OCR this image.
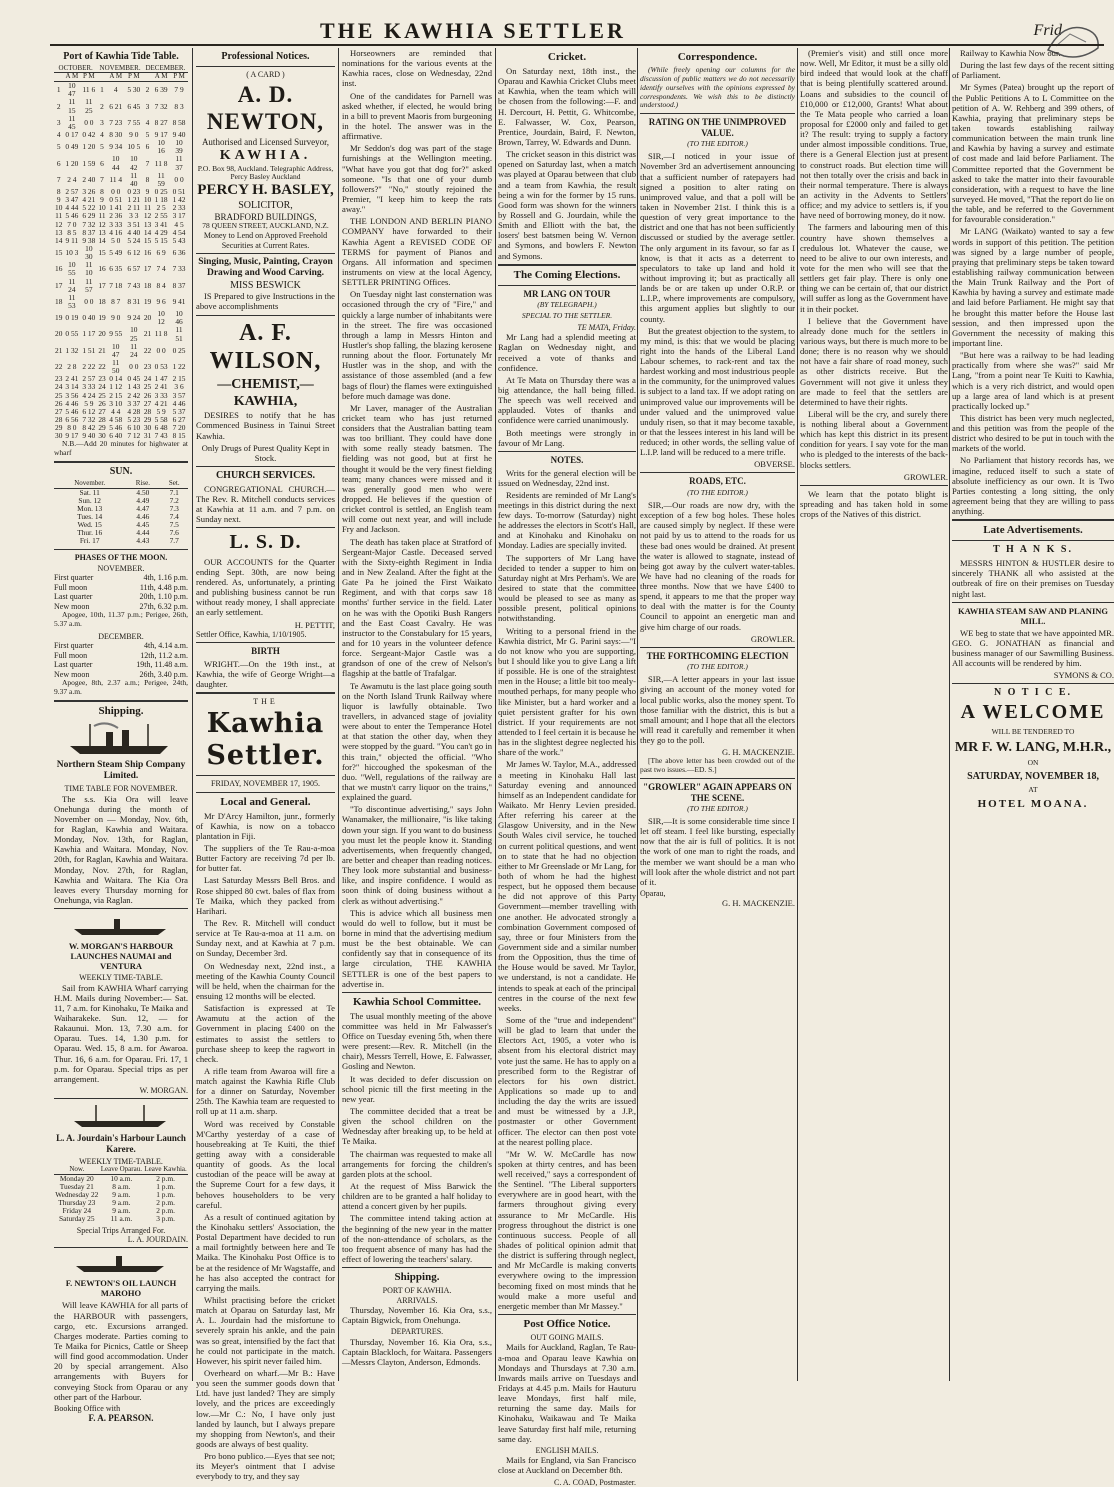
THE KAWHIA SETTLER	Frid
Port of Kawhia Tide Table.
OCTOBER.			NOVEMBER.			DECEMBER.		
	A M	P M		A M	P M		A M	P M
1	10 47	11 6	1	4	5 30	2	6 39	7 9
2	11 15	11 25	2	6 21	6 45	3	7 32	8 3
3	11 45	0 0	3	7 23	7 55	4	8 27	8 58
4	0 17	0 42	4	8 30	9 0	5	9 17	9 40
5	0 49	1 20	5	9 34	10 5	6	10 16	10 39
6	1 20	1 59	6	10 44	10 42	7	11 8	11 37
7	2 4	2 40	7	11 4	11 40	8	11 59	0 0
8	2 57	3 26	8	0 0	0 23	9	0 25	0 51
9	3 47	4 21	9	0 51	1 21	10	1 18	1 42
10	4 44	5 22	10	1 41	2 11	11	2 5	2 33
11	5 46	6 29	11	2 36	3 3	12	2 55	3 17
12	7 0	7 32	12	3 33	3 51	13	3 41	4 5
13	8 5	8 37	13	4 16	4 40	14	4 29	4 54
14	9 11	9 38	14	5 0	5 24	15	5 15	5 43
15	10 3	10 30	15	5 49	6 12	16	6 9	6 36
16	10 55	11 10	16	6 35	6 57	17	7 4	7 33
17	11 24	11 57	17	7 18	7 43	18	8 4	8 37
18	11 53	0 0	18	8 7	8 31	19	9 6	9 41
19	0 19	0 40	19	9 0	9 24	20	10 12	10 46
20	0 55	1 17	20	9 55	10 25	21	11 8	11 51
21	1 32	1 51	21	10 47	11 24	22	0 0	0 25
22	2 8	2 22	22	11 50	0 0	23	0 53	1 22
23	2 41	2 57	23	0 14	0 45	24	1 47	2 15
24	3 14	3 33	24	1 12	1 43	25	2 41	3 6
25	3 56	4 24	25	2 15	2 42	26	3 33	3 57
26	4 46	5 9	26	3 10	3 37	27	4 21	4 46
27	5 46	6 12	27	4 4	4 28	28	5 9	5 37
28	6 56	7 32	28	4 58	5 23	29	5 58	6 27
29	8 0	8 42	29	5 46	6 10	30	6 48	7 20
30	9 17	9 40	30	6 40	7 12	31	7 43	8 15

N.B.—Add 20 minutes for highwater at wharf

SUN.
November.	Rise.	Set.
Sat. 11	4.50	7.1
Sun. 12	4.49	7.2
Mon. 13	4.47	7.3
Tues. 14	4.46	7.4
Wed. 15	4.45	7.5
Thur. 16	4.44	7.6
Fri. 17	4.43	7.7
PHASES OF THE MOON.
NOVEMBER.
First quarter	4th, 1.16 p.m.
Full moon	11th, 4.48 p.m.
Last quarter	20th, 1.10 p.m.
New moon	27th, 6.32 p.m.

Apogee, 10th, 11.37 p.m.; Perigee, 26th, 5.37 a.m.

DECEMBER.
First quarter	4th, 4.14 a.m.
Full moon	12th, 11.2 a.m.
Last quarter	19th, 11.48 a.m.
New moon	26th, 3.40 p.m.

Apogee, 8th, 2.37 a.m.; Perigee, 24th, 9.37 a.m.

Shipping.
Northern Steam Ship Company Limited.
TIME TABLE FOR NOVEMBER.

The s.s. Kia Ora will leave Onehunga during the month of November on — Monday, Nov. 6th, for Raglan, Kawhia and Waitara. Monday, Nov. 13th, for Raglan, Kawhia and Waitara. Monday, Nov. 20th, for Raglan, Kawhia and Waitara. Monday, Nov. 27th, for Raglan, Kawhia and Waitara. The Kia Ora leaves every Thursday morning for Onehunga, via Raglan.

W. MORGAN'S HARBOUR LAUNCHES NAUMAI and VENTURA
WEEKLY TIME-TABLE.

Sail from KAWHIA Wharf carrying H.M. Mails during November:— Sat. 11, 7 a.m. for Kinohaku, Te Maika and Waiharakeke. Sun. 12, — for Rakaunui. Mon. 13, 7.30 a.m. for Oparau. Tues. 14, 1.30 p.m. for Oparau. Wed. 15, 8 a.m. for Awaroa. Thur. 16, 6 a.m. for Oparau. Fri. 17, 1 p.m. for Oparau. Special trips as per arrangement.

W. MORGAN.
L. A. Jourdain's Harbour Launch Karere.
WEEKLY TIME-TABLE.
Now.	Leave Oparau.	Leave Kawhia.
Monday 20	10 a.m.	2 p.m.
Tuesday 21	8 a.m.	1 p.m.
Wednesday 22	9 a.m.	1 p.m.
Thursday 23	9 a.m.	2 p.m.
Friday 24	9 a.m.	2 p.m.
Saturday 25	11 a.m.	3 p.m.
Special Trips Arranged For.
L. A. JOURDAIN.
F. NEWTON'S OIL LAUNCH MAROHO

Will leave KAWHIA for all parts of the HARBOUR with passengers, cargo, etc. Excursions arranged. Charges moderate. Parties coming to Te Maika for Picnics, Cattle or Sheep will find good accommodation. Under 20 by special arrangement. Also arrangements with Buyers for conveying Stock from Oparau or any other part of the Harbour.

Booking Office with
F. A. PEARSON.
Professional Notices.
( A CARD )
A. D. NEWTON,
Authorised and Licensed Surveyor,
KAWHIA.
P.O. Box 98, Auckland. Telegraphic Address, Percy Basley Auckland
PERCY H. BASLEY,
SOLICITOR,
BRADFORD BUILDINGS,
78 QUEEN STREET, AUCKLAND, N.Z.
Money to Lend on Approved Freehold Securities at Current Rates.
Singing, Music, Painting, Crayon Drawing and Wood Carving.
MISS BESWICK

IS Prepared to give Instructions in the above accomplishments

A. F. WILSON,
—CHEMIST,—
KAWHIA,

DESIRES to notify that he has Commenced Business in Tainui Street Kawhia.

Only Drugs of Purest Quality Kept in Stock.
CHURCH SERVICES.

CONGREGATIONAL CHURCH.—The Rev. R. Mitchell conducts services at Kawhia at 11 a.m. and 7 p.m. on Sunday next.

L. S. D.

OUR ACCOUNTS for the Quarter ending Sept. 30th, are now being rendered. As, unfortunately, a printing and publishing business cannot be run without ready money, I shall appreciate an early settlement.

H. PETTIT,
Settler Office, Kawhia, 1/10/1905.
BIRTH

WRIGHT.—On the 19th inst., at Kawhia, the wife of George Wright—a daughter.

THE
Kawhia Settler.
FRIDAY, NOVEMBER 17, 1905.
Local and General.

Mr D'Arcy Hamilton, junr., formerly of Kawhia, is now on a tobacco plantation in Fiji.

The suppliers of the Te Rau-a-moa Butter Factory are receiving 7d per lb. for butter fat.

Last Saturday Messrs Bell Bros. and Rose shipped 80 cwt. bales of flax from Te Maika, which they packed from Harihari.

The Rev. R. Mitchell will conduct service at Te Rau-a-moa at 11 a.m. on Sunday next, and at Kawhia at 7 p.m. on Sunday, December 3rd.

On Wednesday next, 22nd inst., a meeting of the Kawhia County Council will be held, when the chairman for the ensuing 12 months will be elected.

Satisfaction is expressed at Te Awamutu at the action of the Government in placing £400 on the estimates to assist the settlers to purchase sheep to keep the ragwort in check.

A rifle team from Awaroa will fire a match against the Kawhia Rifle Club for a dinner on Saturday, November 25th. The Kawhia team are requested to roll up at 11 a.m. sharp.

Word was received by Constable M'Carthy yesterday of a case of housebreaking at Te Kuiti, the thief getting away with a considerable quantity of goods. As the local custodian of the peace will be away at the Supreme Court for a few days, it behoves householders to be very careful.

As a result of continued agitation by the Kinohaku settlers' Association, the Postal Department have decided to run a mail fortnightly between here and Te Maika. The Kinohaku Post Office is to be at the residence of Mr Wagstaffe, and he has also accepted the contract for carrying the mails.

Whilst practising before the cricket match at Oparau on Saturday last, Mr A. L. Jourdain had the misfortune to severely sprain his ankle, and the pain was so great, intensified by the fact that he could not participate in the match. However, his spirit never failed him.

Overheard on wharf.—Mr B.: Have you seen the summer goods down that Ltd. have just landed? They are simply lovely, and the prices are exceedingly low.—Mr C.: No, I have only just landed by launch, but I always prepare my shopping from Newton's, and their goods are always of best quality.

Pro bono publico.—Eyes that see not; its Meyer's ointment that I advise everybody to try, and they say

Horseowners are reminded that nominations for the various events at the Kawhia races, close on Wednesday, 22nd inst.

One of the candidates for Parnell was asked whether, if elected, he would bring in a bill to prevent Maoris from burgeoning in the hotel. The answer was in the affirmative.

Mr Seddon's dog was part of the stage furnishings at the Wellington meeting. "What have you got that dog for?" asked someone. "Is that one of your dumb followers?" "No," stoutly rejoined the Premier, "I keep him to keep the rats away."

THE LONDON AND BERLIN PIANO COMPANY have forwarded to their Kawhia Agent a REVISED CODE OF TERMS for payment of Pianos and Organs. All information and specimen instruments on view at the local Agency, SETTLER PRINTING Offices.

On Tuesday night last consternation was occasioned through the cry of "Fire," and quickly a large number of inhabitants were in the street. The fire was occasioned through a lamp in Messrs Hinton and Hustler's shop falling, the blazing kerosene running about the floor. Fortunately Mr Hustler was in the shop, and with the assistance of those assembled (and a few bags of flour) the flames were extinguished before much damage was done.

Mr Laver, manager of the Australian cricket team who has just returned considers that the Australian batting team was too brilliant. They could have done with some really steady batsmen. The fielding was not good, but at first he thought it would be the very finest fielding team; many chances were missed and it was generally good men who were dropped. He believes if the question of cricket control is settled, an English team will come out next year, and will include Fry and Jackson.

The death has taken place at Stratford of Sergeant-Major Castle. Deceased served with the Sixty-eighth Regiment in India and in New Zealand. After the fight at the Gate Pa he joined the First Waikato Regiment, and with that corps saw 18 months' further service in the field. Later on he was with the Opotiki Bush Rangers and the East Coast Cavalry. He was instructor to the Constabulary for 15 years, and for 10 years in the volunteer defence force. Sergeant-Major Castle was a grandson of one of the crew of Nelson's flagship at the battle of Trafalgar.

Te Awamutu is the last place going south on the North Island Trunk Railway where liquor is lawfully obtainable. Two travellers, in advanced stage of joviality were about to enter the Temperance Hotel at that station the other day, when they were stopped by the guard. "You can't go in this train," objected the official. "Who for?" hiccoughed the spokesman of the duo. "Well, regulations of the railway are that we mustn't carry liquor on the trains," explained the guard.

"To discontinue advertising," says John Wanamaker, the millionaire, "is like taking down your sign. If you want to do business you must let the people know it. Standing advertisements, when frequently changed, are better and cheaper than reading notices. They look more substantial and business-like, and inspire confidence. I would as soon think of doing business without a clerk as without advertising."

This is advice which all business men would do well to follow, but it must be borne in mind that the advertising medium must be the best obtainable. We can confidently say that in consequence of its large circulation, THE KAWHIA SETTLER is one of the best papers to advertise in.

Kawhia School Committee.

The usual monthly meeting of the above committee was held in Mr Falwasser's Office on Tuesday evening 5th, when there were present:—Rev. R. Mitchell (in the chair), Messrs Terrell, Howe, E. Falwasser, Gosling and Newton.

It was decided to defer discussion on school picnic till the first meeting in the new year.

The committee decided that a treat be given the school children on the Wednesday after breaking up, to be held at Te Maika.

The chairman was requested to make all arrangements for forcing the children's garden plots at the school.

At the request of Miss Barwick the children are to be granted a half holiday to attend a concert given by her pupils.

The committee intend taking action at the beginning of the new year in the matter of the non-attendance of scholars, as the too frequent absence of many has had the effect of lowering the teachers' salary.

Shipping.
PORT OF KAWHIA.
ARRIVALS.

Thursday, November 16. Kia Ora, s.s., Captain Bigwick, from Onehunga.

DEPARTURES.

Thursday, November 16. Kia Ora, s.s., Captain Blackloch, for Waitara. Passengers—Messrs Clayton, Anderson, Edmonds.

Cricket.

On Saturday next, 18th inst., the Oparau and Kawhia Cricket Clubs meet at Kawhia, when the team which will be chosen from the following:—F. and H. Dercourt, H. Pettit, G. Whitcombe, E. Falwasser, W. Cox, Pearson, Prentice, Jourdain, Baird, F. Newton, Brown, Tarrey, W. Edwards and Dunn.

The cricket season in this district was opened on Saturday last, when a match was played at Oparau between that club and a team from Kawhia, the result being a win for the former by 15 runs. Good form was shown for the winners by Rossell and G. Jourdain, while the Smith and Elliott with the bat, the losers' best batsmen being W. Vernon and Symons, and bowlers F. Newton and Symons.

The Coming Elections.
MR LANG ON TOUR
(BY TELEGRAPH.)
SPECIAL TO THE SETTLER.
TE MATA, Friday.

Mr Lang had a splendid meeting at Raglan on Wednesday night, and received a vote of thanks and confidence.

At Te Mata on Thursday there was a big attendance, the hall being filled. The speech was well received and applauded. Votes of thanks and confidence were carried unanimously.

Both meetings were strongly in favour of Mr Lang.

NOTES.

Writs for the general election will be issued on Wednesday, 22nd inst.

Residents are reminded of Mr Lang's meetings in this district during the next few days. To-morrow (Saturday) night he addresses the electors in Scott's Hall, and at Kinohaku and Kinohaku on Monday. Ladies are specially invited.

The supporters of Mr Lang have decided to tender a supper to him on Saturday night at Mrs Perham's. We are desired to state that the committee would be pleased to see as many as possible present, political opinions notwithstanding.

Writing to a personal friend in the Kawhia district, Mr G. Parini says:—"I do not know who you are supporting, but I should like you to give Lang a lift if possible. He is one of the straightest men in the House; a little bit too mealy-mouthed perhaps, for many people who like Minister, but a hard worker and a quiet persistent grafter for his own district. If your requirements are not attended to I feel certain it is because he has in the slightest degree neglected his share of the work."

Mr James W. Taylor, M.A., addressed a meeting in Kinohaku Hall last Saturday evening and announced himself as an Independent candidate for Waikato. Mr Henry Levien presided. After referring his career at the Glasgow University, and in the New South Wales civil service, he touched on current political questions, and went on to state that he had no objection either to Mr Greenslade or Mr Lang, for both of whom he had the highest respect, but he opposed them because he did not approve of this Party Government—member travelling with one another. He advocated strongly a combination Government composed of say, three or four Ministers from the Government side and a similar number from the Opposition, thus the time of the House would be saved. Mr Taylor, we understand, is not a candidate. He intends to speak at each of the principal centres in the course of the next few weeks.

Some of the "true and independent" will be glad to learn that under the Electors Act, 1905, a voter who is absent from his electoral district may vote just the same. He has to apply on a prescribed form to the Registrar of electors for his own district. Applications so made up to and including the day the writs are issued and must be witnessed by a J.P., postmaster or other Government officer. The elector can then post vote at the nearest polling place.

"Mr W. W. McCardle has now spoken at thirty centres, and has been well received," says a correspondent of the Sentinel. "The Liberal supporters everywhere are in good heart, with the farmers throughout giving every assurance to Mr McCardle. His progress throughout the district is one continuous success. People of all shades of political opinion admit that the district is suffering through neglect, and Mr McCardle is making converts everywhere owing to the impression becoming fixed on most minds that he would make a more useful and energetic member than Mr Massey."

Post Office Notice.
OUT GOING MAILS.

Mails for Auckland, Raglan, Te Rau-a-moa and Oparau leave Kawhia on Mondays and Thursdays at 7.30 a.m. Inwards mails arrive on Tuesdays and Fridays at 4.45 p.m. Mails for Hauturu leave Mondays, first half mile, returning the same day. Mails for Kinohaku, Waikawau and Te Maika leave Saturday first half mile, returning same day.

ENGLISH MAILS.

Mails for England, via San Francisco close at Auckland on December 8th.

C. A. COAD, Postmaster.
Correspondence.

(While freely opening our columns for the discussion of public matters we do not necessarily identify ourselves with the opinions expressed by correspondents. We wish this to be distinctly understood.)

RATING ON THE UNIMPROVED VALUE.
(TO THE EDITOR.)

SIR,—I noticed in your issue of November 3rd an advertisement announcing that a sufficient number of ratepayers had signed a position to alter rating on unimproved value, and that a poll will be taken in November 21st. I think this is a question of very great importance to the district and one that has not been sufficiently discussed or studied by the average settler. The only argument in its favour, so far as I know, is that it acts as a deterrent to speculators to take up land and hold it without improving it; but as practically all lands be or are taken up under O.R.P. or L.I.P., where improvements are compulsory, this argument applies but slightly to our county.

But the greatest objection to the system, to my mind, is this: that we would be placing right into the hands of the Liberal Land Labour schemes, to rack-rent and tax the hardest working and most industrious people in the community, for the unimproved values is subject to a land tax. If we adopt rating on unimproved value our improvements will be under valued and the unimproved value unduly risen, so that it may become taxable, or that the lessees interest in his land will be reduced; in other words, the selling value of L.I.P. land will be reduced to a mere trifle.

OBVERSE.
ROADS, ETC.
(TO THE EDITOR.)

SIR,—Our roads are now dry, with the exception of a few bog holes. These holes are caused simply by neglect. If these were not paid by us to attend to the roads for us these bad ones would be drained. At present the water is allowed to stagnate, instead of being got away by the culvert water-tables. We have had no cleaning of the roads for three months. Now that we have £400 to spend, it appears to me that the proper way to deal with the matter is for the County Council to appoint an energetic man and give him charge of our roads.

GROWLER.
THE FORTHCOMING ELECTION
(TO THE EDITOR.)

SIR,—A letter appears in your last issue giving an account of the money voted for local public works, also the money spent. To those familiar with the district, this is but a small amount; and I hope that all the electors will read it carefully and remember it when they go to the poll.

G. H. MACKENZIE.

[The above letter has been crowded out of the past two issues.—ED. S.]

"GROWLER" AGAIN APPEARS ON THE SCENE.
(TO THE EDITOR.)

SIR,—It is some considerable time since I let off steam. I feel like bursting, especially now that the air is full of politics. It is not the work of one man to right the roads, and the member we want should be a man who will look after the whole district and not part of it.

Oparau,
G. H. MACKENZIE.

(Premier's visit) and still once more now. Well, Mr Editor, it must be a silly old bird indeed that would look at the chaff that is being plentifully scattered around. Loans and subsidies to the council of £10,000 or £12,000, Grants! What about the Te Mata people who carried a loan proposal for £2000 only and failed to get it? The result: trying to supply a factory under almost impossible conditions. True, there is a General Election just at present to construct roads. But election time will not then totally over the crisis and back in their normal temperature. There is always an activity in the Advents to Settlers' office; and my advice to settlers is, if you have need of borrowing money, do it now.

The farmers and labouring men of this country have shown themselves a credulous lot. Whatever the cause, we need to be alive to our own interests, and vote for the men who will see that the settlers get fair play. There is only one thing we can be certain of, that our district will suffer as long as the Government have it in their pocket.

I believe that the Government have already done much for the settlers in various ways, but there is much more to be done; there is no reason why we should not have a fair share of road money, such as other districts receive. But the Government will not give it unless they are made to feel that the settlers are determined to have their rights.

Liberal will be the cry, and surely there is nothing liberal about a Government which has kept this district in its present condition for years. I say vote for the man who is pledged to the interests of the back-blocks settlers.

GROWLER.

We learn that the potato blight is spreading and has taken hold in some crops of the Natives of this district.

Railway to Kawhia Now our.

During the last few days of the recent sitting of Parliament.

Mr Symes (Patea) brought up the report of the Public Petitions A to L Committee on the petition of A. W. Rehberg and 399 others, of Kawhia, praying that preliminary steps be taken towards establishing railway communication between the main trunk line and Kawhia by having a survey and estimate of cost made and laid before Parliament. The Committee reported that the Government be asked to take the matter into their favourable consideration, with a request to have the line surveyed. He moved, "That the report do lie on the table, and be referred to the Government for favourable consideration."

Mr LANG (Waikato) wanted to say a few words in support of this petition. The petition was signed by a large number of people, praying that preliminary steps be taken toward establishing railway communication between the Main Trunk Railway and the Port of Kawhia by having a survey and estimate made and laid before Parliament. He might say that he brought this matter before the House last session, and then impressed upon the Government the necessity of making this important line.

"But here was a railway to be had leading practically from where she was?" said Mr Lang, "from a point near Te Kuiti to Kawhia, which is a very rich district, and would open up a large area of land which is at present practically locked up."

This district has been very much neglected, and this petition was from the people of the district who desired to be put in touch with the markets of the world.

No Parliament that history records has, we imagine, reduced itself to such a state of absolute inefficiency as our own. It is Two Parties contesting a long sitting, the only agreement being that they are willing to pass anything.

Late Advertisements.
T H A N K S.

MESSRS HINTON & HUSTLER desire to sincerely THANK all who assisted at the outbreak of fire on their premises on Tuesday night last.

KAWHIA STEAM SAW AND PLANING MILL.

WE beg to state that we have appointed MR. GEO. G. JONATHAN as financial and business manager of our Sawmilling Business. All accounts will be rendered by him.

SYMONS & CO.
N O T I C E.
A WELCOME
WILL BE TENDERED TO
MR F. W. LANG, M.H.R.,
ON
SATURDAY, NOVEMBER 18,
AT
HOTEL MOANA.
